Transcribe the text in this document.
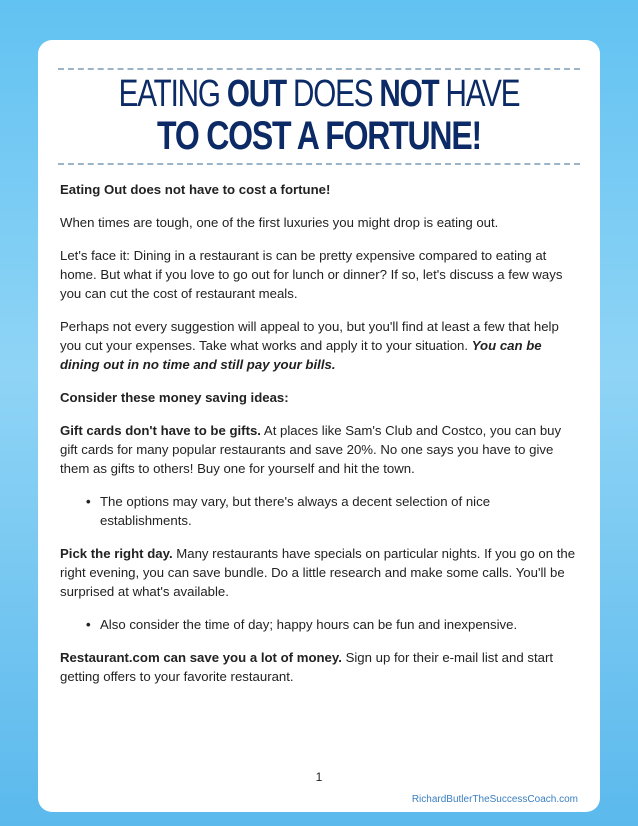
EATING OUT DOES NOT HAVE
TO COST A FORTUNE!

Eating Out does not have to cost a fortune!

When times are tough, one of the first luxuries you might drop is eating out.

Let's face it: Dining in a restaurant is can be pretty expensive compared to eating at home. But what if you love to go out for lunch or dinner? If so, let's discuss a few ways you can cut the cost of restaurant meals.

Perhaps not every suggestion will appeal to you, but you'll find at least a few that help you cut your expenses. Take what works and apply it to your situation. You can be dining out in no time and still pay your bills.

Consider these money saving ideas:

Gift cards don't have to be gifts. At places like Sam's Club and Costco, you can buy gift cards for many popular restaurants and save 20%. No one says you have to give them as gifts to others! Buy one for yourself and hit the town.

• The options may vary, but there's always a decent selection of nice establishments.

Pick the right day. Many restaurants have specials on particular nights. If you go on the right evening, you can save bundle. Do a little research and make some calls. You'll be surprised at what's available.

• Also consider the time of day; happy hours can be fun and inexpensive.

Restaurant.com can save you a lot of money. Sign up for their e-mail list and start getting offers to your favorite restaurant.

1
RichardButlerTheSuccessCoach.com
